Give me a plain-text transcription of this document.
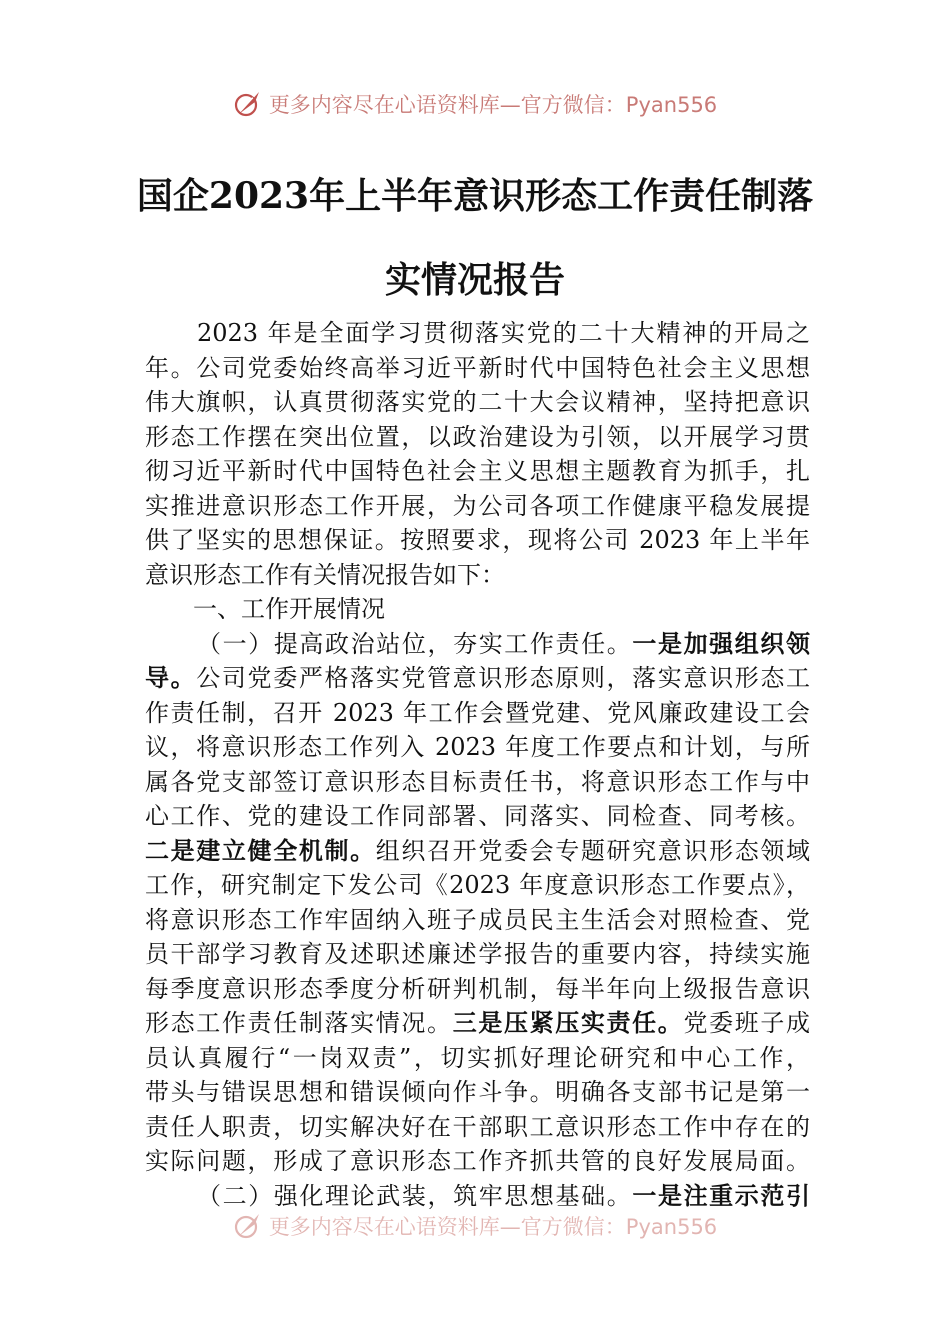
更多内容尽在心语资料库—官方微信：Pyan556
国企2023年上半年意识形态工作责任制落
实情况报告
2023 年是全面学习贯彻落实党的二十大精神的开局之
年。公司党委始终高举习近平新时代中国特色社会主义思想
伟大旗帜，认真贯彻落实党的二十大会议精神，坚持把意识
形态工作摆在突出位置，以政治建设为引领，以开展学习贯
彻习近平新时代中国特色社会主义思想主题教育为抓手，扎
实推进意识形态工作开展，为公司各项工作健康平稳发展提
供了坚实的思想保证。按照要求，现将公司 2023 年上半年
意识形态工作有关情况报告如下：
一、工作开展情况
（一）提高政治站位，夯实工作责任。一是加强组织领
导。公司党委严格落实党管意识形态原则，落实意识形态工
作责任制，召开 2023 年工作会暨党建、党风廉政建设工会
议，将意识形态工作列入 2023 年度工作要点和计划，与所
属各党支部签订意识形态目标责任书，将意识形态工作与中
心工作、党的建设工作同部署、同落实、同检查、同考核。
二是建立健全机制。组织召开党委会专题研究意识形态领域
工作，研究制定下发公司《2023 年度意识形态工作要点》，
将意识形态工作牢固纳入班子成员民主生活会对照检查、党
员干部学习教育及述职述廉述学报告的重要内容，持续实施
每季度意识形态季度分析研判机制，每半年向上级报告意识
形态工作责任制落实情况。三是压紧压实责任。党委班子成
员认真履行“一岗双责”，切实抓好理论研究和中心工作，
带头与错误思想和错误倾向作斗争。明确各支部书记是第一
责任人职责，切实解决好在干部职工意识形态工作中存在的
实际问题，形成了意识形态工作齐抓共管的良好发展局面。
（二）强化理论武装，筑牢思想基础。一是注重示范引
更多内容尽在心语资料库—官方微信：Pyan556
